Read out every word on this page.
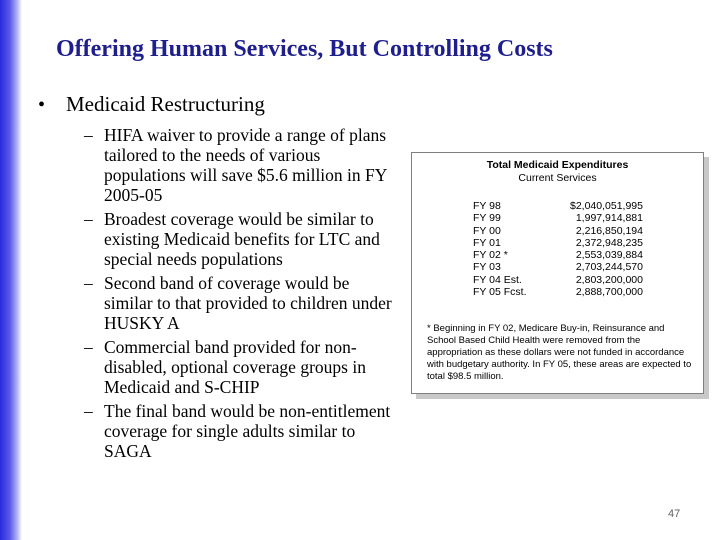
Offering Human Services, But Controlling Costs
• Medicaid Restructuring
– HIFA waiver to provide a range of plans tailored to the needs of various populations will save $5.6 million in FY 2005-05
– Broadest coverage would be similar to existing Medicaid benefits for LTC and special needs populations
– Second band of coverage would be similar to that provided to children under HUSKY A
– Commercial band provided for non-disabled, optional coverage groups in Medicaid and S-CHIP
– The final band would be non-entitlement coverage for single adults similar to SAGA
Total Medicaid Expenditures
Current Services
FY 98	$2,040,051,995
FY 99	1,997,914,881
FY 00	2,216,850,194
FY 01	2,372,948,235
FY 02 *	2,553,039,884
FY 03	2,703,244,570
FY 04 Est.	2,803,200,000
FY 05 Fcst.	2,888,700,000
* Beginning in FY 02, Medicare Buy-in, Reinsurance and School Based Child Health were removed from the appropriation as these dollars were not funded in accordance with budgetary authority. In FY 05, these areas are expected to total $98.5 million.
47
